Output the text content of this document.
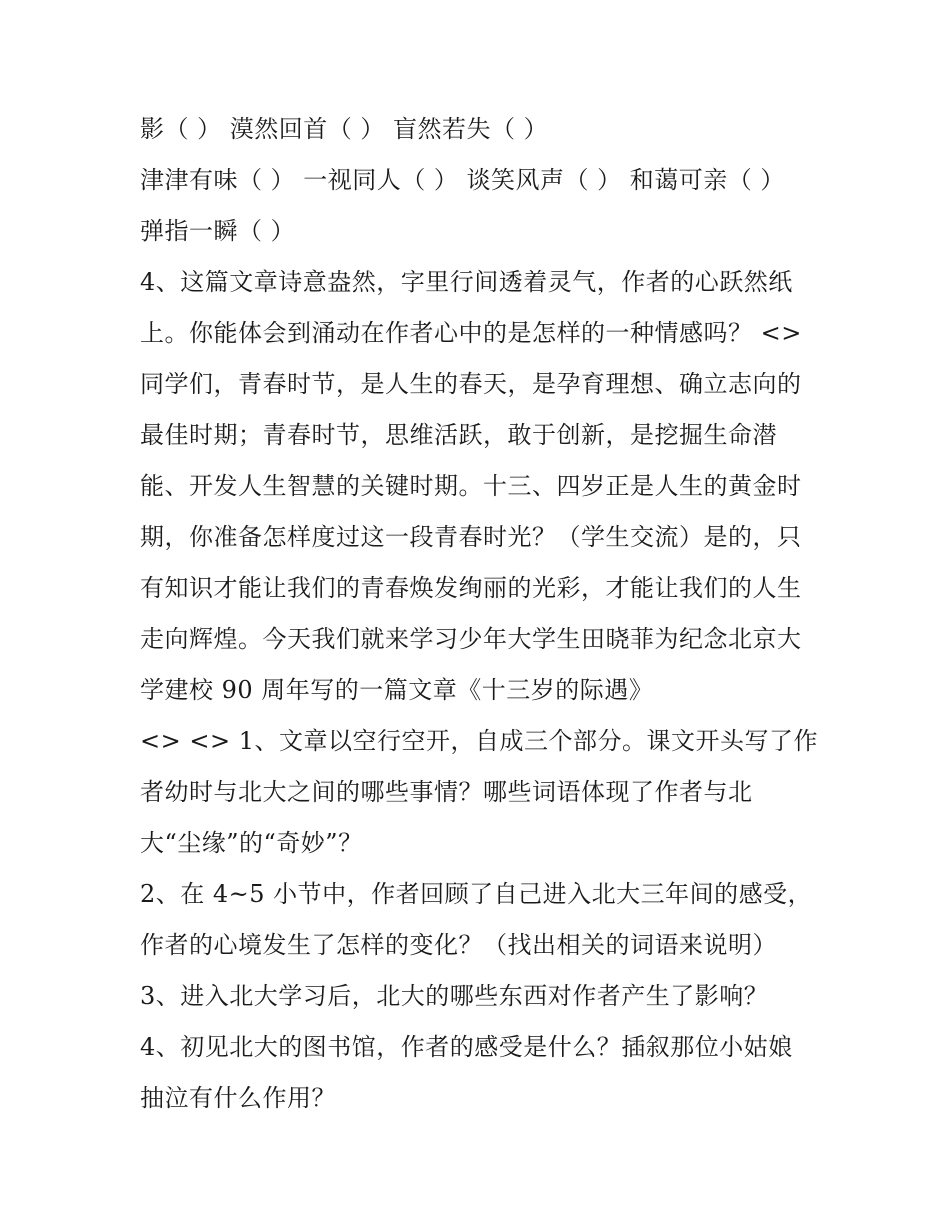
影（ ） 漠然回首（ ） 盲然若失（ ）
津津有味（ ） 一视同人（ ） 谈笑风声（ ） 和蔼可亲（ ）
弹指一瞬（ ）
4、这篇文章诗意盎然，字里行间透着灵气，作者的心跃然纸
上。你能体会到涌动在作者心中的是怎样的一种情感吗？ <>
同学们，青春时节，是人生的春天，是孕育理想、确立志向的
最佳时期；青春时节，思维活跃，敢于创新，是挖掘生命潜
能、开发人生智慧的关键时期。十三、四岁正是人生的黄金时
期，你准备怎样度过这一段青春时光？（学生交流）是的，只
有知识才能让我们的青春焕发绚丽的光彩，才能让我们的人生
走向辉煌。今天我们就来学习少年大学生田晓菲为纪念北京大
学建校 90 周年写的一篇文章《十三岁的际遇》
<> <> 1、文章以空行空开，自成三个部分。课文开头写了作
者幼时与北大之间的哪些事情？哪些词语体现了作者与北
大“尘缘”的“奇妙”？
2、在 4~5 小节中，作者回顾了自己进入北大三年间的感受，
作者的心境发生了怎样的变化？（找出相关的词语来说明）
3、进入北大学习后，北大的哪些东西对作者产生了影响？
4、初见北大的图书馆，作者的感受是什么？插叙那位小姑娘
抽泣有什么作用？
